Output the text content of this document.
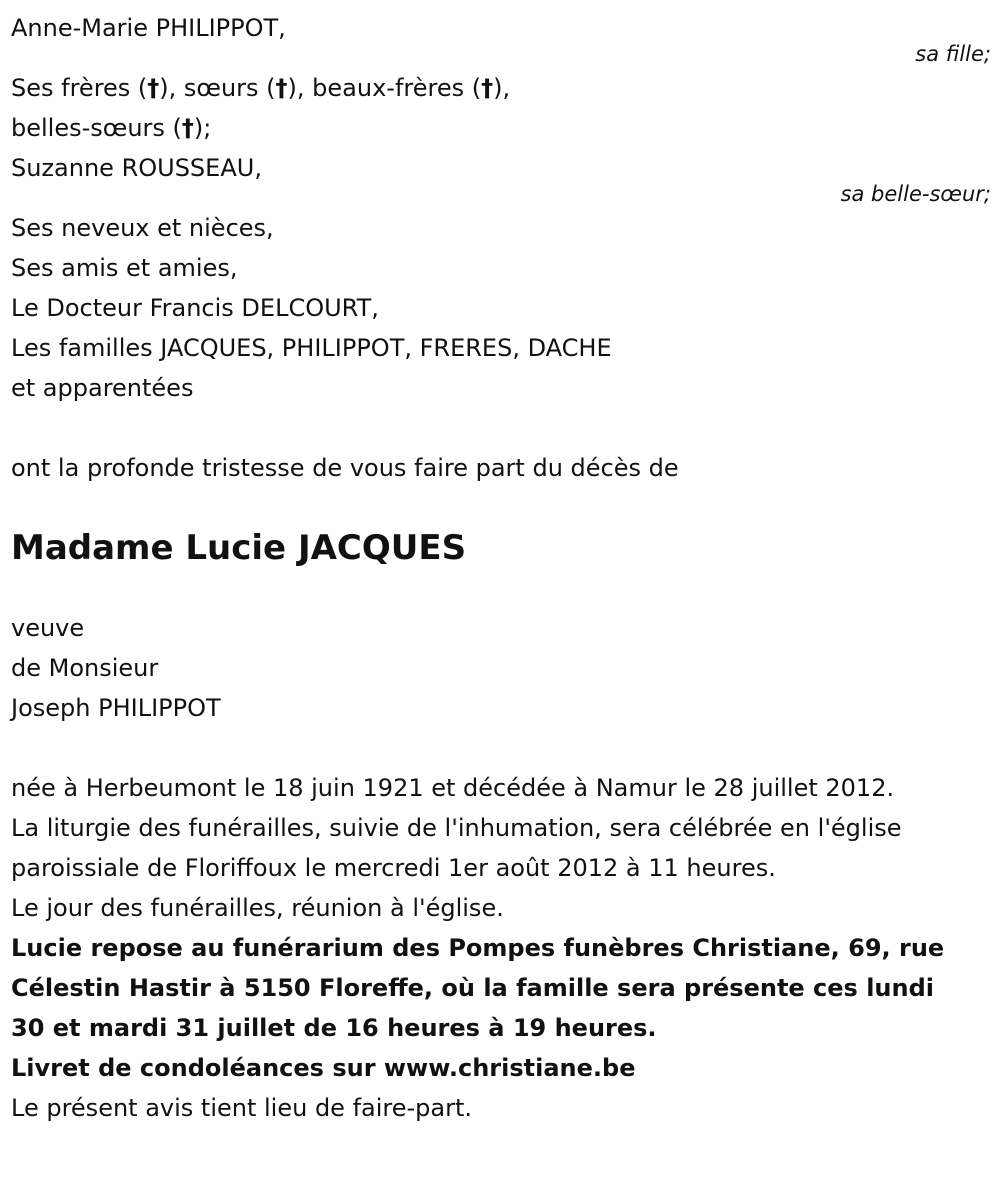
Anne-Marie PHILIPPOT,
sa fille;
Ses frères (†), sœurs (†), beaux-frères (†),
belles-sœurs (†);
Suzanne ROUSSEAU,
sa belle-sœur;
Ses neveux et nièces,
Ses amis et amies,
Le Docteur Francis DELCOURT,
Les familles JACQUES, PHILIPPOT, FRERES, DACHE
et apparentées
ont la profonde tristesse de vous faire part du décès de
Madame Lucie JACQUES
veuve
de Monsieur
Joseph PHILIPPOT
née à Herbeumont le 18 juin 1921 et décédée à Namur le 28 juillet 2012.
La liturgie des funérailles, suivie de l'inhumation, sera célébrée en l'église
paroissiale de Floriffoux le mercredi 1er août 2012 à 11 heures.
Le jour des funérailles, réunion à l'église.
Lucie repose au funérarium des Pompes funèbres Christiane, 69, rue
Célestin Hastir à 5150 Floreffe, où la famille sera présente ces lundi
30 et mardi 31 juillet de 16 heures à 19 heures.
Livret de condoléances sur www.christiane.be
Le présent avis tient lieu de faire-part.
